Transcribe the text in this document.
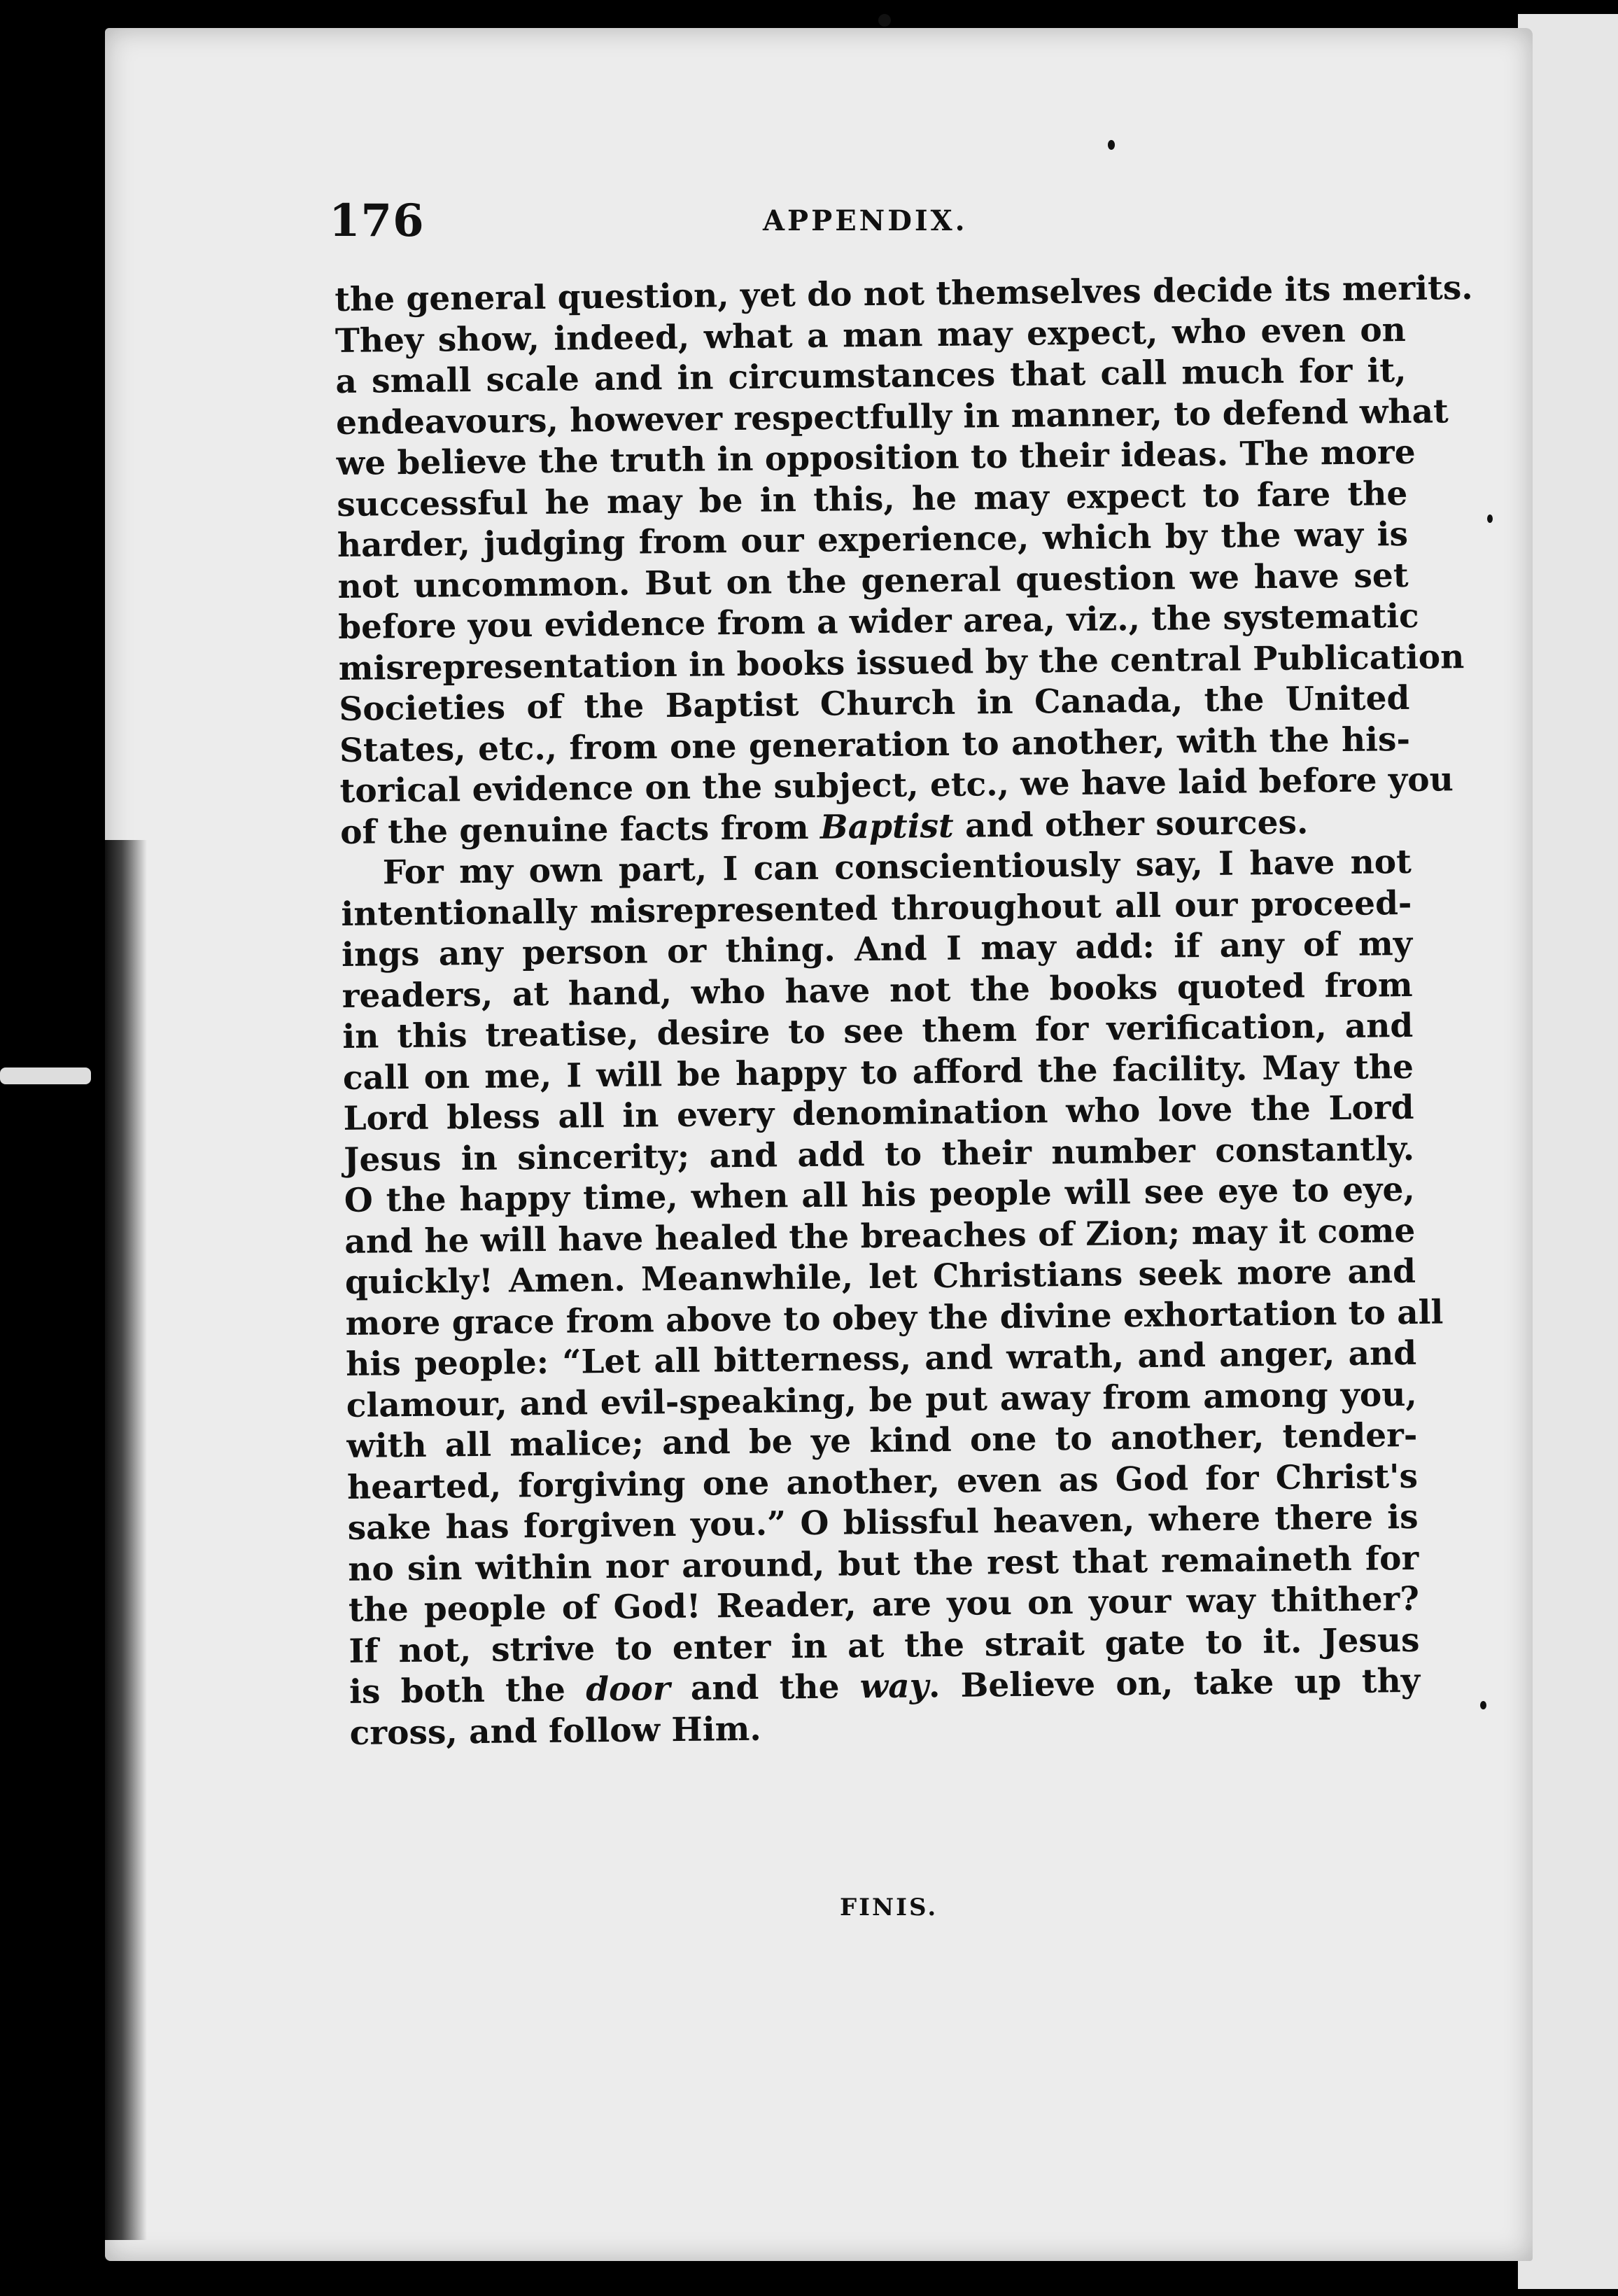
176	APPENDIX.
the general question, yet do not themselves decide its merits.
They show, indeed, what a man may expect, who even on
a small scale and in circumstances that call much for it,
endeavours, however respectfully in manner, to defend what
we believe the truth in opposition to their ideas. The more
successful he may be in this, he may expect to fare the
harder, judging from our experience, which by the way is
not uncommon. But on the general question we have set
before you evidence from a wider area, viz., the systematic
misrepresentation in books issued by the central Publication
Societies of the Baptist Church in Canada, the United
States, etc., from one generation to another, with the his-
torical evidence on the subject, etc., we have laid before you
of the genuine facts from Baptist and other sources.
For my own part, I can conscientiously say, I have not
intentionally misrepresented throughout all our proceed-
ings any person or thing. And I may add: if any of my
readers, at hand, who have not the books quoted from
in this treatise, desire to see them for verification, and
call on me, I will be happy to afford the facility. May the
Lord bless all in every denomination who love the Lord
Jesus in sincerity; and add to their number constantly.
O the happy time, when all his people will see eye to eye,
and he will have healed the breaches of Zion; may it come
quickly! Amen. Meanwhile, let Christians seek more and
more grace from above to obey the divine exhortation to all
his people: “Let all bitterness, and wrath, and anger, and
clamour, and evil-speaking, be put away from among you,
with all malice; and be ye kind one to another, tender-
hearted, forgiving one another, even as God for Christ's
sake has forgiven you.” O blissful heaven, where there is
no sin within nor around, but the rest that remaineth for
the people of God! Reader, are you on your way thither?
If not, strive to enter in at the strait gate to it. Jesus
is both the door and the way. Believe on, take up thy
cross, and follow Him.
FINIS.
